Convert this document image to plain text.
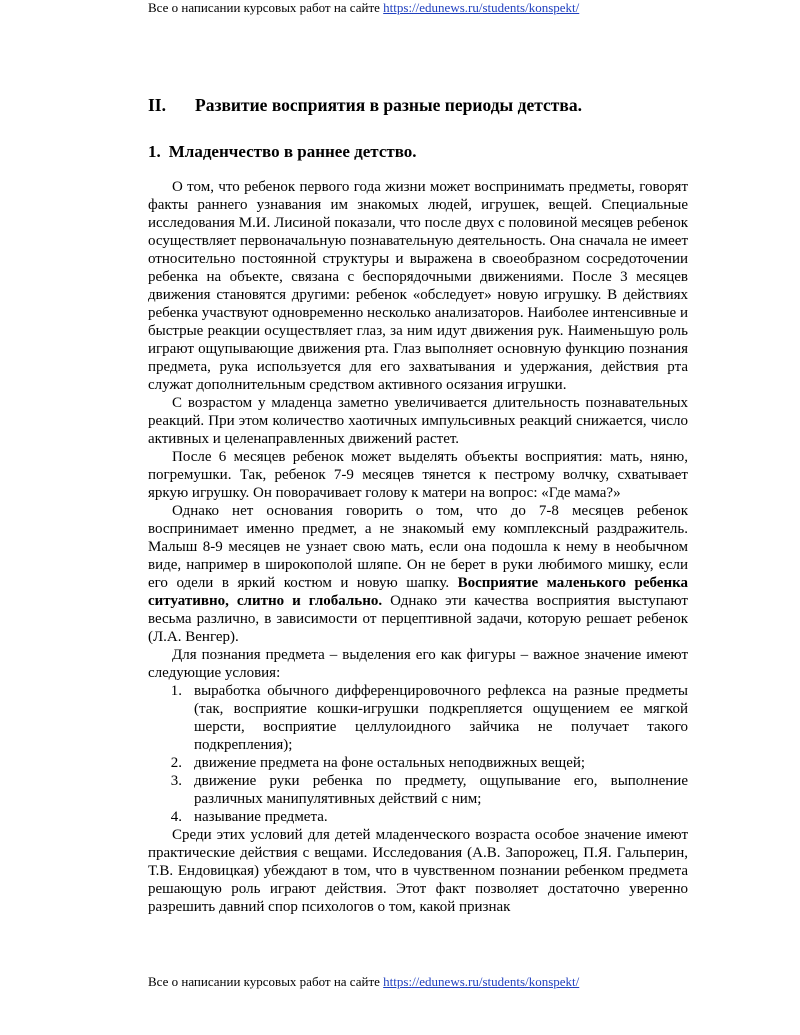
Все о написании курсовых работ на сайте https://edunews.ru/students/konspekt/
II.	Развитие восприятия в разные периоды детства.
1. Младенчество в раннее детство.

О том, что ребенок первого года жизни может воспринимать предметы, говорят факты раннего узнавания им знакомых людей, игрушек, вещей. Специальные исследования М.И. Лисиной показали, что после двух с половиной месяцев ребенок осуществляет первоначальную познавательную деятельность. Она сначала не имеет относительно постоянной структуры и выражена в своеобразном сосредоточении ребенка на объекте, связана с беспорядочными движениями. После 3 месяцев движения становятся другими: ребенок «обследует» новую игрушку. В действиях ребенка участвуют одновременно несколько анализаторов. Наиболее интенсивные и быстрые реакции осуществляет глаз, за ним идут движения рук. Наименьшую роль играют ощупывающие движения рта. Глаз выполняет основную функцию познания предмета, рука используется для его захватывания и удержания, действия рта служат дополнительным средством активного осязания игрушки.

С возрастом у младенца заметно увеличивается длительность познавательных реакций. При этом количество хаотичных импульсивных реакций снижается, число активных и целенаправленных движений растет.

После 6 месяцев ребенок может выделять объекты восприятия: мать, няню, погремушки. Так, ребенок 7-9 месяцев тянется к пестрому волчку, схватывает яркую игрушку. Он поворачивает голову к матери на вопрос: «Где мама?»

Однако нет основания говорить о том, что до 7-8 месяцев ребенок воспринимает именно предмет, а не знакомый ему комплексный раздражитель. Малыш 8-9 месяцев не узнает свою мать, если она подошла к нему в необычном виде, например в широкополой шляпе. Он не берет в руки любимого мишку, если его одели в яркий костюм и новую шапку. Восприятие маленького ребенка ситуативно, слитно и глобально. Однако эти качества восприятия выступают весьма различно, в зависимости от перцептивной задачи, которую решает ребенок (Л.А. Венгер).

Для познания предмета – выделения его как фигуры – важное значение имеют следующие условия:

1. выработка обычного дифференцировочного рефлекса на разные предметы (так, восприятие кошки-игрушки подкрепляется ощущением ее мягкой шерсти, восприятие целлулоидного зайчика не получает такого подкрепления);
2. движение предмета на фоне остальных неподвижных вещей;
3. движение руки ребенка по предмету, ощупывание его, выполнение различных манипулятивных действий с ним;
4. называние предмета.

Среди этих условий для детей младенческого возраста особое значение имеют практические действия с вещами. Исследования (А.В. Запорожец, П.Я. Гальперин, Т.В. Ендовицкая) убеждают в том, что в чувственном познании ребенком предмета решающую роль играют действия. Этот факт позволяет достаточно уверенно разрешить давний спор психологов о том, какой признак

Все о написании курсовых работ на сайте https://edunews.ru/students/konspekt/
